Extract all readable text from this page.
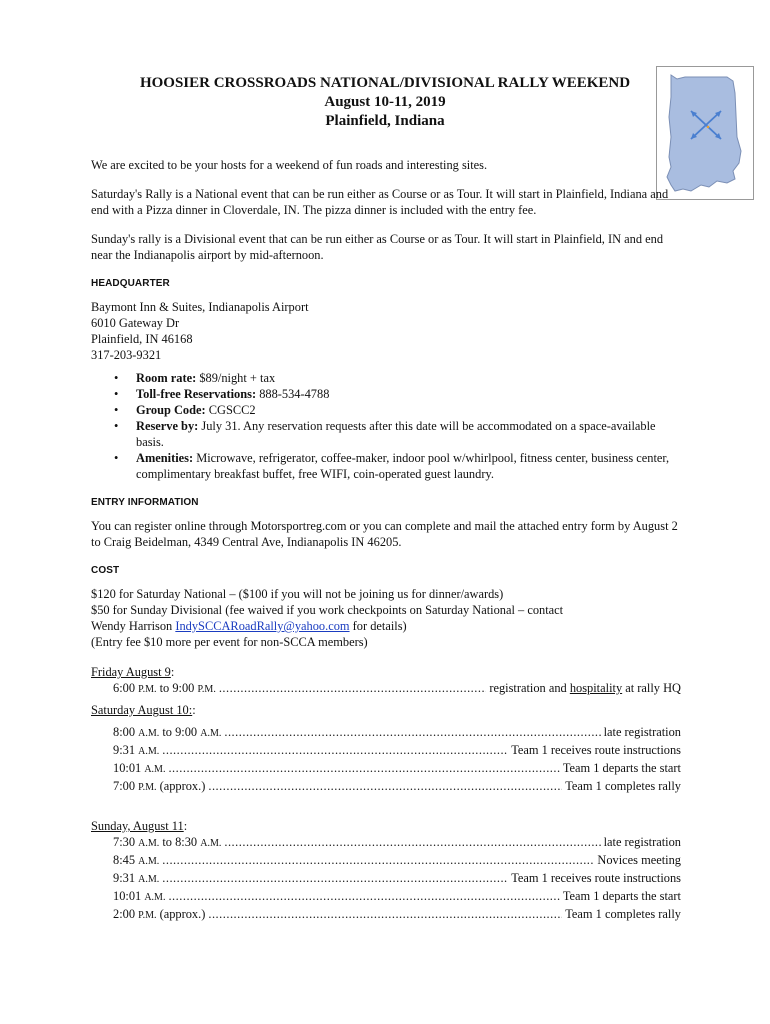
HOOSIER CROSSROADS NATIONAL/DIVISIONAL RALLY WEEKEND
August 10-11, 2019
Plainfield, Indiana

We are excited to be your hosts for a weekend of fun roads and interesting sites.

Saturday's Rally is a National event that can be run either as Course or as Tour. It will start in Plainfield, Indiana and end with a Pizza dinner in Cloverdale, IN. The pizza dinner is included with the entry fee.

Sunday's rally is a Divisional event that can be run either as Course or as Tour. It will start in Plainfield, IN and end near the Indianapolis airport by mid-afternoon.

HEADQUARTER
Baymont Inn & Suites, Indianapolis Airport
6010 Gateway Dr
Plainfield, IN 46168
317-203-9321
• Room rate: $89/night + tax
• Toll-free Reservations: 888-534-4788
• Group Code: CGSCC2
• Reserve by: July 31. Any reservation requests after this date will be accommodated on a space-available basis.
• Amenities: Microwave, refrigerator, coffee-maker, indoor pool w/whirlpool, fitness center, business center, complimentary breakfast buffet, free WIFI, coin-operated guest laundry.
ENTRY INFORMATION

You can register online through Motorsportreg.com or you can complete and mail the attached entry form by August 2 to Craig Beidelman, 4349 Central Ave, Indianapolis IN 46205.

COST
$120 for Saturday National – ($100 if you will not be joining us for dinner/awards)
$50 for Sunday Divisional (fee waived if you work checkpoints on Saturday National – contact
Wendy Harrison IndySCCARoadRally@yahoo.com for details)
(Entry fee $10 more per event for non-SCCA members)
Friday August 9:
6:00 P.M. to 9:00 P.M. .....	registration and hospitality at rally HQ
Saturday August 10::
8:00 A.M. to 9:00 A.M. .....	late registration
9:31 A.M. .....	Team 1 receives route instructions
10:01 A.M. .....	Team 1 departs the start
7:00 P.M. (approx.) .....	Team 1 completes rally
Sunday, August 11:
7:30 A.M. to 8:30 A.M. .....	late registration
8:45 A.M. .....	Novices meeting
9:31 A.M. .....	Team 1 receives route instructions
10:01 A.M. .....	Team 1 departs the start
2:00 P.M. (approx.) .....	Team 1 completes rally
